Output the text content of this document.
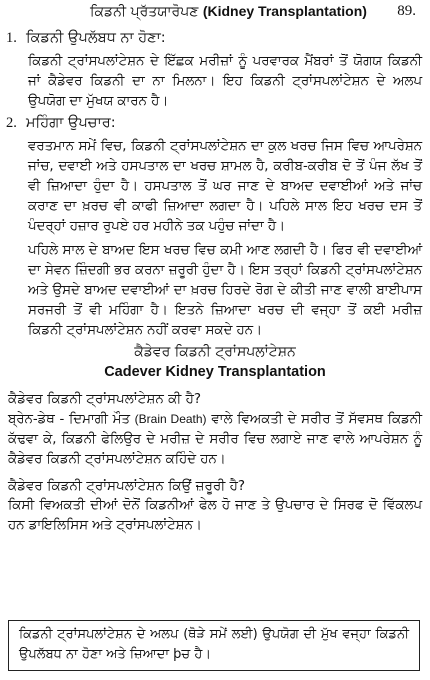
ਕਿਡਨੀ ਪ੍ਰੱਤਯਾਰੋਪਣ (Kidney Transplantation) 89.
1. ਕਿਡਨੀ ਉਪਲੱਬਧ ਨਾ ਹੋਣਾ:

ਕਿਡਨੀ ਟ੍ਰਾਂਸਪਲਾਂਟੇਸ਼ਨ ਦੇ ਇੱਛਕ ਮਰੀਜ਼ਾਂ ਨੂੰ ਪਰਵਾਰਕ ਮੈਂਬਰਾਂ ਤੋਂ ਯੋਗਯ ਕਿਡਨੀ ਜਾਂ ਕੈਡੇਵਰ ਕਿਡਨੀ ਦਾ ਨਾ ਮਿਲਨਾ। ਇਹ ਕਿਡਨੀ ਟ੍ਰਾਂਸਪਲਾਂਟੇਸ਼ਨ ਦੇ ਅਲਪ ਉਪਯੋਗ ਦਾ ਮੁੱਖਯ ਕਾਰਨ ਹੈ।

2. ਮਹਿੰਗਾ ਉਪਚਾਰ:

ਵਰਤਮਾਨ ਸਮੇਂ ਵਿਚ, ਕਿਡਨੀ ਟ੍ਰਾਂਸਪਲਾਂਟੇਸ਼ਨ ਦਾ ਕੁਲ ਖਰਚ ਜਿਸ ਵਿਚ ਆਪਰੇਸ਼ਨ ਜਾਂਚ, ਦਵਾਈ ਅਤੇ ਹਸਪਤਾਲ ਦਾ ਖਰਚ ਸ਼ਾਮਲ ਹੈ, ਕਰੀਬ-ਕਰੀਬ ਦੋ ਤੋਂ ਪੰਜ ਲੱਖ ਤੋਂ ਵੀ ਜ਼ਿਆਦਾ ਹੁੰਦਾ ਹੈ। ਹਸਪਤਾਲ ਤੋਂ ਘਰ ਜਾਣ ਦੇ ਬਾਅਦ ਦਵਾਈਆਂ ਅਤੇ ਜਾਂਚ ਕਰਾਣ ਦਾ ਖ਼ਰਚ ਵੀ ਕਾਫੀ ਜ਼ਿਆਦਾ ਲਗਦਾ ਹੈ। ਪਹਿਲੇ ਸਾਲ ਇਹ ਖਰਚ ਦਸ ਤੋਂ ਪੰਦਰ੍ਹਾਂ ਹਜ਼ਾਰ ਰੁਪਏ ਹਰ ਮਹੀਨੇ ਤਕ ਪਹੁੰਚ ਜਾਂਦਾ ਹੈ।

ਪਹਿਲੇ ਸਾਲ ਦੇ ਬਾਅਦ ਇਸ ਖਰਚ ਵਿਚ ਕਮੀ ਆਣ ਲਗਦੀ ਹੈ। ਫਿਰ ਵੀ ਦਵਾਈਆਂ ਦਾ ਸੇਵਨ ਜ਼ਿੰਦਗੀ ਭਰ ਕਰਨਾ ਜ਼ਰੂਰੀ ਹੁੰਦਾ ਹੈ। ਇਸ ਤਰ੍ਹਾਂ ਕਿਡਨੀ ਟ੍ਰਾਂਸਪਲਾਂਟੇਸ਼ਨ ਅਤੇ ਉਸਦੇ ਬਾਅਦ ਦਵਾਈਆਂ ਦਾ ਖ਼ਰਚ ਹਿਰਦੇ ਰੋਗ ਦੇ ਕੀਤੀ ਜਾਣ ਵਾਲੀ ਬਾਈਪਾਸ ਸਰਜਰੀ ਤੋਂ ਵੀ ਮਹਿੰਗਾ ਹੈ। ਇਤਨੇ ਜ਼ਿਆਦਾ ਖਰਚ ਦੀ ਵਜ੍ਹਾ ਤੋਂ ਕਈ ਮਰੀਜ਼ ਕਿਡਨੀ ਟ੍ਰਾਂਸਪਲਾਂਟੇਸ਼ਨ ਨਹੀਂ ਕਰਵਾ ਸਕਦੇ ਹਨ।

ਕੈਡੇਵਰ ਕਿਡਨੀ ਟ੍ਰਾਂਸਪਲਾਂਟੇਸ਼ਨ
Cadever Kidney Transplantation
ਕੈਡੇਵਰ ਕਿਡਨੀ ਟ੍ਰਾਂਸਪਲਾਂਟੇਸ਼ਨ ਕੀ ਹੈ?

ਬ੍ਰੇਨ-ਡੇਥ - ਦਿਮਾਗੀ ਮੌਤ (Brain Death) ਵਾਲੇ ਵਿਅਕਤੀ ਦੇ ਸਰੀਰ ਤੋਂ ਸੱਵਸਥ ਕਿਡਨੀ ਕੱਢਵਾ ਕੇ, ਕਿਡਨੀ ਫੇਲਿਉਰ ਦੇ ਮਰੀਜ਼ ਦੇ ਸਰੀਰ ਵਿਚ ਲਗਾਏ ਜਾਣ ਵਾਲੇ ਆਪਰੇਸ਼ਨ ਨੂੰ ਕੈਡੇਵਰ ਕਿਡਨੀ ਟ੍ਰਾਂਸਪਲਾਂਟੇਸ਼ਨ ਕਹਿੰਦੇ ਹਨ।

ਕੈਡੇਵਰ ਕਿਡਨੀ ਟ੍ਰਾਂਸਪਲਾਂਟੇਸ਼ਨ ਕਿਉਂ ਜ਼ਰੂਰੀ ਹੈ?

ਕਿਸੀ ਵਿਅਕਤੀ ਦੀਆਂ ਦੋਨੋਂ ਕਿਡਨੀਆਂ ਫੇਲ ਹੋ ਜਾਣ ਤੇ ਉਪਚਾਰ ਦੇ ਸਿਰਫ ਦੋ ਵਿੱਕਲਪ ਹਨ ਡਾਇਲਿਸਿਸ ਅਤੇ ਟ੍ਰਾਂਸਪਲਾਂਟੇਸ਼ਨ।

ਕਿਡਨੀ ਟ੍ਰਾਂਸਪਲਾਂਟੇਸ਼ਨ ਦੇ ਅਲਪ (ਥੋੜੇ ਸਮੇਂ ਲਈ) ਉਪਯੋਗ ਦੀ ਮੁੱਖ ਵਜ੍ਹਾ ਕਿਡਨੀ ਉਪਲੱਬਧ ਨਾ ਹੋਣਾ ਅਤੇ ਜ਼ਿਆਦਾ þਚ ਹੈ।
